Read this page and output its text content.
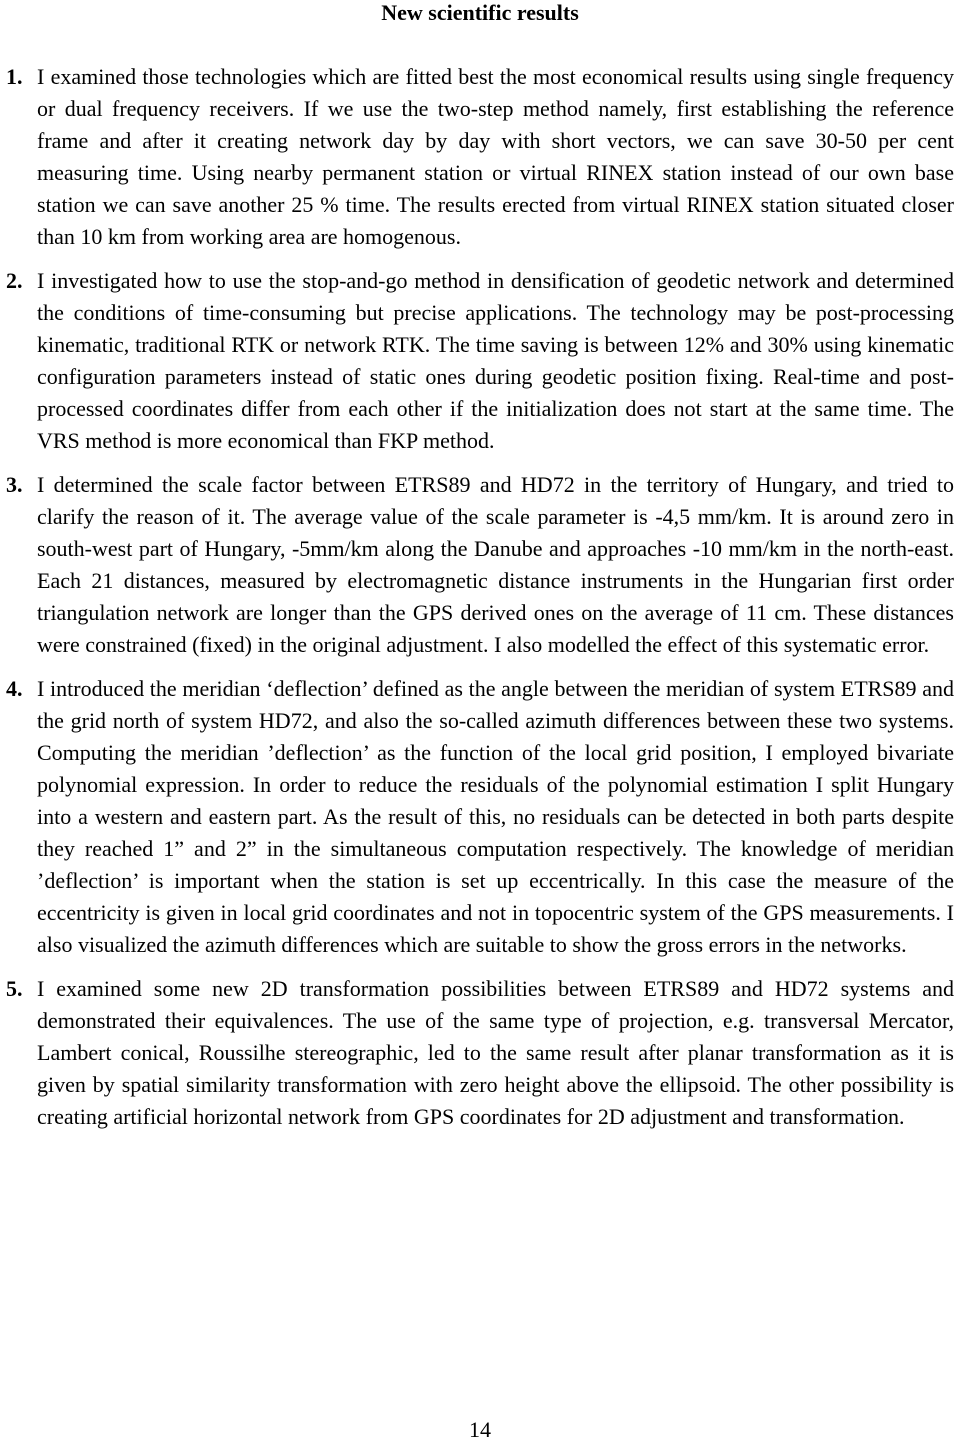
New scientific results
1. I examined those technologies which are fitted best the most economical results using single frequency or dual frequency receivers. If we use the two-step method namely, first establishing the reference frame and after it creating network day by day with short vectors, we can save 30-50 per cent measuring time. Using nearby permanent station or virtual RINEX station instead of our own base station we can save another 25 % time. The results erected from virtual RINEX station situated closer than 10 km from working area are homogenous.

2. I investigated how to use the stop-and-go method in densification of geodetic network and determined the conditions of time-consuming but precise applications. The technology may be post-processing kinematic, traditional RTK or network RTK. The time saving is between 12% and 30% using kinematic configuration parameters instead of static ones during geodetic position fixing. Real-time and post-processed coordinates differ from each other if the initialization does not start at the same time. The VRS method is more economical than FKP method.

3. I determined the scale factor between ETRS89 and HD72 in the territory of Hungary, and tried to clarify the reason of it. The average value of the scale parameter is -4,5 mm/km. It is around zero in south-west part of Hungary, -5mm/km along the Danube and approaches -10 mm/km in the north-east. Each 21 distances, measured by electromagnetic distance instruments in the Hungarian first order triangulation network are longer than the GPS derived ones on the average of 11 cm. These distances were constrained (fixed) in the original adjustment. I also modelled the effect of this systematic error.

4. I introduced the meridian ‘deflection’ defined as the angle between the meridian of system ETRS89 and the grid north of system HD72, and also the so-called azimuth differences between these two systems. Computing the meridian ’deflection’ as the function of the local grid position, I employed bivariate polynomial expression. In order to reduce the residuals of the polynomial estimation I split Hungary into a western and eastern part. As the result of this, no residuals can be detected in both parts despite they reached 1” and 2” in the simultaneous computation respectively. The knowledge of meridian ’deflection’ is important when the station is set up eccentrically. In this case the measure of the eccentricity is given in local grid coordinates and not in topocentric system of the GPS measurements. I also visualized the azimuth differences which are suitable to show the gross errors in the networks.

5. I examined some new 2D transformation possibilities between ETRS89 and HD72 systems and demonstrated their equivalences. The use of the same type of projection, e.g. transversal Mercator, Lambert conical, Roussilhe stereographic, led to the same result after planar transformation as it is given by spatial similarity transformation with zero height above the ellipsoid. The other possibility is creating artificial horizontal network from GPS coordinates for 2D adjustment and transformation.

14
